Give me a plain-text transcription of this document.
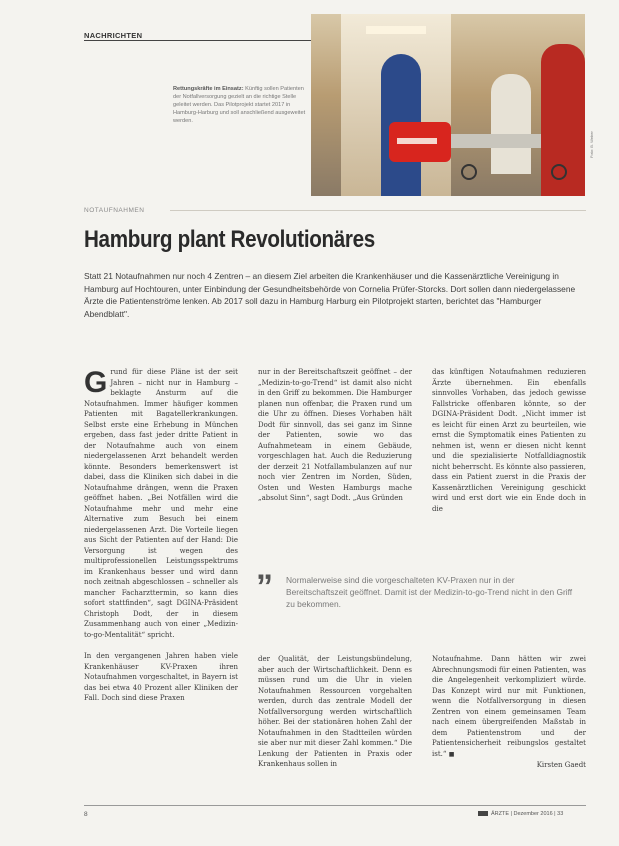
NACHRICHTEN
Rettungskräfte im Einsatz: Künftig sollen Patienten der Notfallversorgung gezielt an die richtige Stelle geleitet werden. Das Pilotprojekt startet 2017 in Hamburg-Harburg und soll anschließend ausgeweitet werden.
Foto: B. Weber
NOTAUFNAHMEN
Hamburg plant Revolutionäres
Statt 21 Notaufnahmen nur noch 4 Zentren – an diesem Ziel arbeiten die Krankenhäuser und die Kassenärztliche Vereinigung in Hamburg auf Hochtouren, unter Einbindung der Gesundheitsbehörde von Cornelia Prüfer-Storcks. Dort sollen dann niedergelassene Ärzte die Patientenströme lenken. Ab 2017 soll dazu in Hamburg Harburg ein Pilotprojekt starten, berichtet das "Hamburger Abendblatt".

Grund für diese Pläne ist der seit Jahren – nicht nur in Hamburg – beklagte Ansturm auf die Notaufnahmen. Immer häufiger kommen Patienten mit Bagatellerkrankungen. Selbst erste eine Erhebung in München ergeben, dass fast jeder dritte Patient in der Notaufnahme auch von einem niedergelassenen Arzt behandelt werden könnte. Besonders bemerkenswert ist dabei, dass die Kliniken sich dabei in die Notaufnahme drängen, wenn die Praxen geöffnet haben. „Bei Notfällen wird die Notaufnahme mehr und mehr eine Alternative zum Besuch bei einem niedergelassenen Arzt. Die Vorteile liegen aus Sicht der Patienten auf der Hand: Die Versorgung ist wegen des multiprofessionellen Leistungsspektrums im Krankenhaus besser und wird dann noch zeitnah abgeschlossen – schneller als mancher Facharzttermin, so kann dies sofort stattfinden“, sagt DGINA-Präsident Christoph Dodt, der in diesem Zusammenhang auch von einer „Medizin-to-go-Mentalität“ spricht.

In den vergangenen Jahren haben viele Krankenhäuser KV-Praxen ihren Notaufnahmen vorgeschaltet, in Bayern ist das bei etwa 40 Prozent aller Kliniken der Fall. Doch sind diese Praxen

nur in der Bereitschaftszeit geöffnet – der „Medizin-to-go-Trend“ ist damit also nicht in den Griff zu bekommen. Die Hamburger planen nun offenbar, die Praxen rund um die Uhr zu öffnen. Dieses Vorhaben hält Dodt für sinnvoll, das sei ganz im Sinne der Patienten, sowie wo das Aufnahmeteam in einem Gebäude, vorgeschlagen hat. Auch die Reduzierung der derzeit 21 Notfallambulanzen auf nur noch vier Zentren im Norden, Süden, Osten und Westen Hamburgs mache „absolut Sinn“, sagt Dodt. „Aus Gründen

das künftigen Notaufnahmen reduzieren Ärzte übernehmen. Ein ebenfalls sinnvolles Vorhaben, das jedoch gewisse Fallstricke offenbaren könnte, so der DGINA-Präsident Dodt. „Nicht immer ist es leicht für einen Arzt zu beurteilen, wie ernst die Symptomatik eines Patienten zu nehmen ist, wenn er diesen nicht kennt und die spezialisierte Notfalldiagnostik nicht beherrscht. Es könnte also passieren, dass ein Patient zuerst in die Praxis der Kassenärztlichen Vereinigung geschickt wird und erst dort wie ein Ende doch in die

” Normalerweise sind die vorgeschalteten KV-Praxen nur in der Bereitschaftszeit geöffnet. Damit ist der Medizin-to-go-Trend nicht in den Griff zu bekommen.

der Qualität, der Leistungsbündelung, aber auch der Wirtschaftlichkeit. Denn es müssen rund um die Uhr in vielen Notaufnahmen Ressourcen vorgehalten werden, durch das zentrale Modell der Notfallversorgung werden wirtschaftlich höher. Bei der stationären hohen Zahl der Notaufnahmen in den Stadtteilen würden sie aber nur mit dieser Zahl kommen.“ Die Lenkung der Patienten in Praxis oder Krankenhaus sollen in

Notaufnahme. Dann hätten wir zwei Abrechnungsmodi für einen Patienten, was die Angelegenheit verkompliziert würde. Das Konzept wird nur mit Funktionen, wenn die Notfallversorgung in diesen Zentren von einem gemeinsamen Team nach einem übergreifenden Maßstab in dem Patientenstrom und der Patientensicherheit reibungslos gestaltet ist.“ ■

Kirsten Gaedt

8	ÄRZTE | Dezember 2016 | 33
